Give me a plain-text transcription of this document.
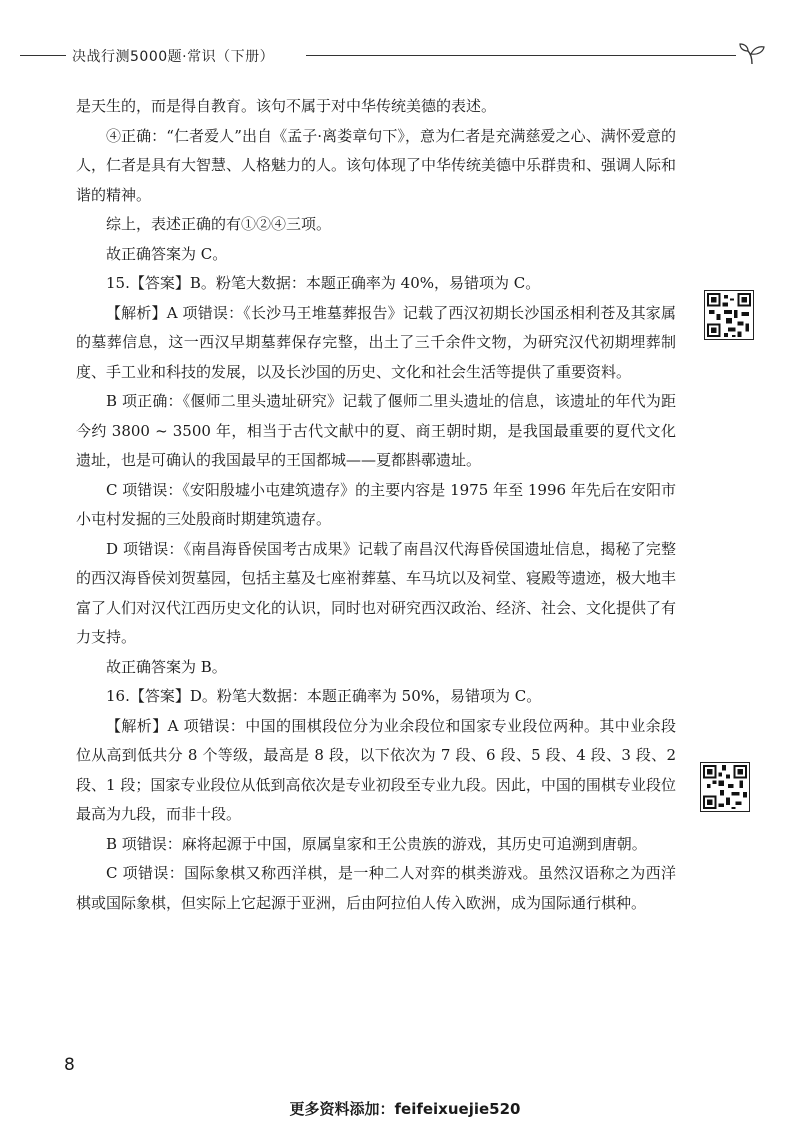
决战行测5000题·常识（下册）

是天生的，而是得自教育。该句不属于对中华传统美德的表述。

④正确：“仁者爱人”出自《孟子·离娄章句下》，意为仁者是充满慈爱之心、满怀爱意的人，仁者是具有大智慧、人格魅力的人。该句体现了中华传统美德中乐群贵和、强调人际和谐的精神。

综上，表述正确的有①②④三项。

故正确答案为 C。

15.【答案】B。粉笔大数据：本题正确率为 40%，易错项为 C。

【解析】A 项错误：《长沙马王堆墓葬报告》记载了西汉初期长沙国丞相利苍及其家属的墓葬信息，这一西汉早期墓葬保存完整，出土了三千余件文物，为研究汉代初期埋葬制度、手工业和科技的发展，以及长沙国的历史、文化和社会生活等提供了重要资料。

B 项正确：《偃师二里头遗址研究》记载了偃师二里头遗址的信息，该遗址的年代为距今约 3800 ~ 3500 年，相当于古代文献中的夏、商王朝时期，是我国最重要的夏代文化遗址，也是可确认的我国最早的王国都城——夏都斟鄩遗址。

C 项错误：《安阳殷墟小屯建筑遗存》的主要内容是 1975 年至 1996 年先后在安阳市小屯村发掘的三处殷商时期建筑遗存。

D 项错误：《南昌海昏侯国考古成果》记载了南昌汉代海昏侯国遗址信息，揭秘了完整的西汉海昏侯刘贺墓园，包括主墓及七座祔葬墓、车马坑以及祠堂、寝殿等遗迹，极大地丰富了人们对汉代江西历史文化的认识，同时也对研究西汉政治、经济、社会、文化提供了有力支持。

故正确答案为 B。

16.【答案】D。粉笔大数据：本题正确率为 50%，易错项为 C。

【解析】A 项错误：中国的围棋段位分为业余段位和国家专业段位两种。其中业余段位从高到低共分 8 个等级，最高是 8 段，以下依次为 7 段、6 段、5 段、4 段、3 段、2 段、1 段；国家专业段位从低到高依次是专业初段至专业九段。因此，中国的围棋专业段位最高为九段，而非十段。

B 项错误：麻将起源于中国，原属皇家和王公贵族的游戏，其历史可追溯到唐朝。

C 项错误：国际象棋又称西洋棋，是一种二人对弈的棋类游戏。虽然汉语称之为西洋棋或国际象棋，但实际上它起源于亚洲，后由阿拉伯人传入欧洲，成为国际通行棋种。

8
更多资料添加：feifeixuejie520
